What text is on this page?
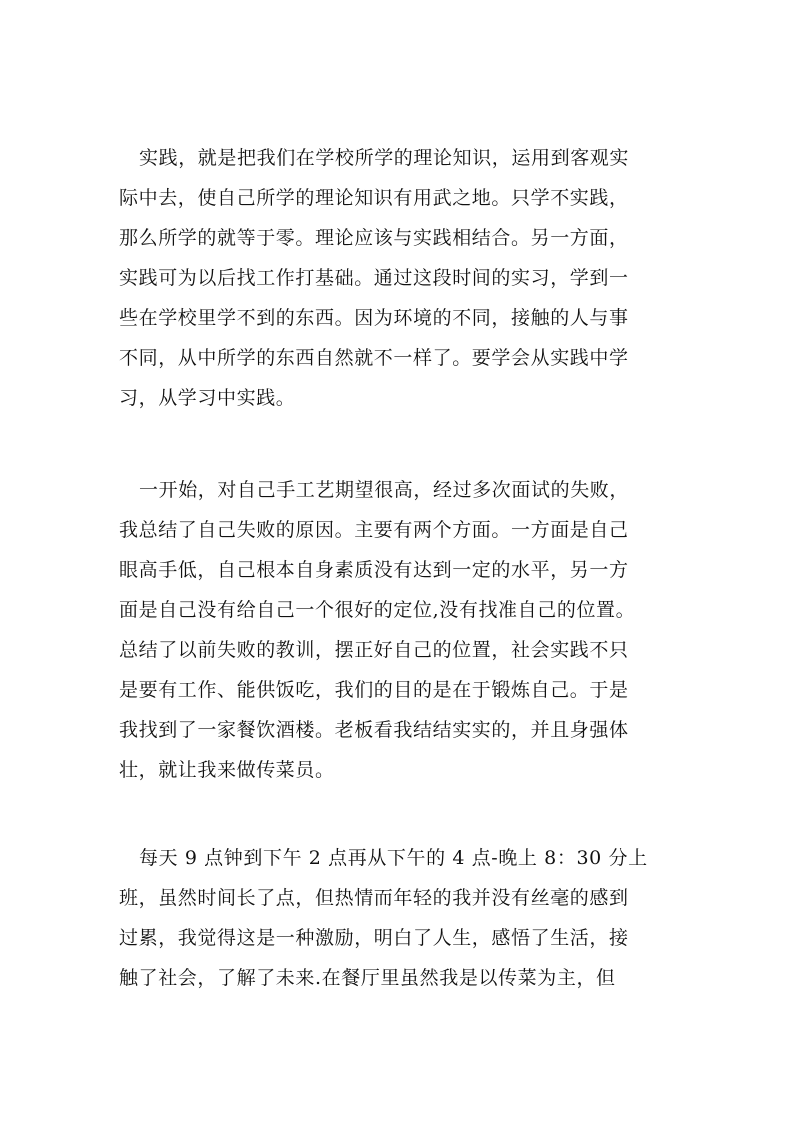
实践，就是把我们在学校所学的理论知识，运用到客观实
际中去，使自己所学的理论知识有用武之地。只学不实践，
那么所学的就等于零。理论应该与实践相结合。另一方面，
实践可为以后找工作打基础。通过这段时间的实习，学到一
些在学校里学不到的东西。因为环境的不同，接触的人与事
不同，从中所学的东西自然就不一样了。要学会从实践中学
习，从学习中实践。
一开始，对自己手工艺期望很高，经过多次面试的失败，
我总结了自己失败的原因。主要有两个方面。一方面是自己
眼高手低，自己根本自身素质没有达到一定的水平，另一方
面是自己没有给自己一个很好的定位,没有找准自己的位置。
总结了以前失败的教训，摆正好自己的位置，社会实践不只
是要有工作、能供饭吃，我们的目的是在于锻炼自己。于是
我找到了一家餐饮酒楼。老板看我结结实实的，并且身强体
壮，就让我来做传菜员。
每天 9 点钟到下午 2 点再从下午的 4 点-晚上 8：30 分上
班，虽然时间长了点，但热情而年轻的我并没有丝毫的感到
过累，我觉得这是一种激励，明白了人生，感悟了生活，接
触了社会，了解了未来.在餐厅里虽然我是以传菜为主，但
